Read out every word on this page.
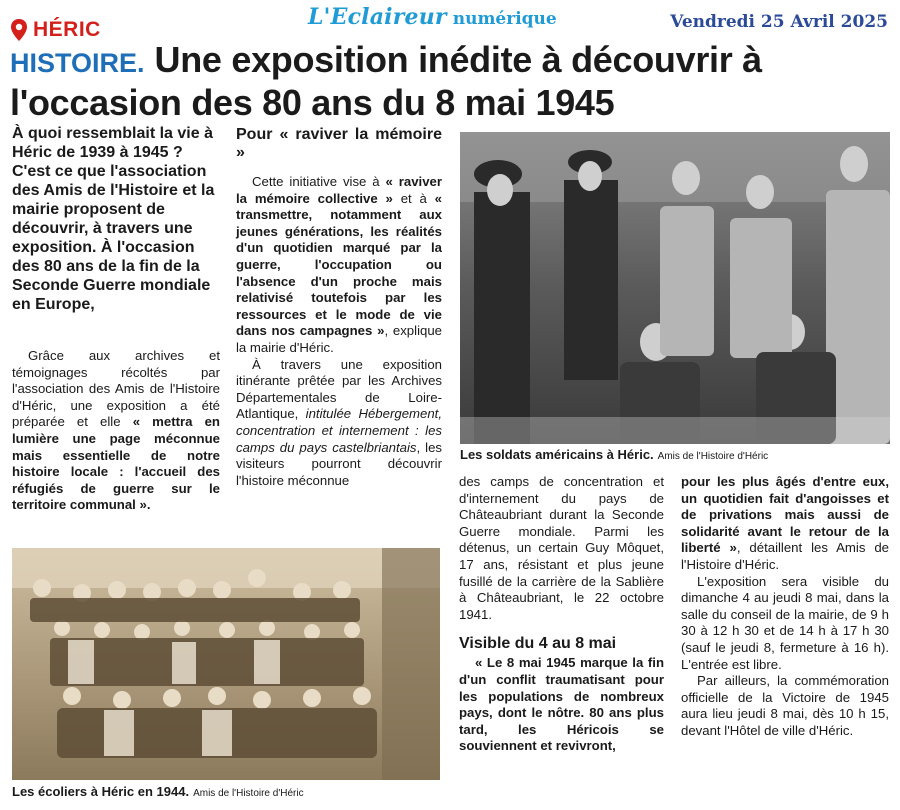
HÉRIC	L'Eclaireur numérique	Vendredi 25 Avril 2025
HISTOIRE. Une exposition inédite à découvrir à l'occasion des 80 ans du 8 mai 1945
À quoi ressemblait la vie à Héric de 1939 à 1945 ? C'est ce que l'association des Amis de l'Histoire et la mairie proposent de découvrir, à travers une exposition. À l'occasion des 80 ans de la fin de la Seconde Guerre mondiale en Europe,

Grâce aux archives et témoignages récoltés par l'association des Amis de l'Histoire d'Héric, une exposition a été préparée et elle « mettra en lumière une page méconnue mais essentielle de notre histoire locale : l'accueil des réfugiés de guerre sur le territoire communal ».

Pour « raviver la mémoire »

Cette initiative vise à « raviver la mémoire collective » et à « transmettre, notamment aux jeunes générations, les réalités d'un quotidien marqué par la guerre, l'occupation ou l'absence d'un proche mais relativisé toutefois par les ressources et le mode de vie dans nos campagnes », explique la mairie d'Héric.

À travers une exposition itinérante prêtée par les Archives Départementales de Loire-Atlantique, intitulée Hébergement, concentration et internement : les camps du pays castelbriantais, les visiteurs pourront découvrir l'histoire méconnue

Les soldats américains à Héric. Amis de l'Histoire d'Héric

des camps de concentration et d'internement du pays de Châteaubriant durant la Seconde Guerre mondiale. Parmi les détenus, un certain Guy Môquet, 17 ans, résistant et plus jeune fusillé de la carrière de la Sablière à Châteaubriant, le 22 octobre 1941.

Visible du 4 au 8 mai

« Le 8 mai 1945 marque la fin d'un conflit traumatisant pour les populations de nombreux pays, dont le nôtre. 80 ans plus tard, les Héricois se souviennent et revivront,

pour les plus âgés d'entre eux, un quotidien fait d'angoisses et de privations mais aussi de solidarité avant le retour de la liberté », détaillent les Amis de l'Histoire d'Héric.

L'exposition sera visible du dimanche 4 au jeudi 8 mai, dans la salle du conseil de la mairie, de 9 h 30 à 12 h 30 et de 14 h à 17 h 30 (sauf le jeudi 8, fermeture à 16 h). L'entrée est libre.

Par ailleurs, la commémoration officielle de la Victoire de 1945 aura lieu jeudi 8 mai, dès 10 h 15, devant l'Hôtel de ville d'Héric.

Les écoliers à Héric en 1944. Amis de l'Histoire d'Héric
